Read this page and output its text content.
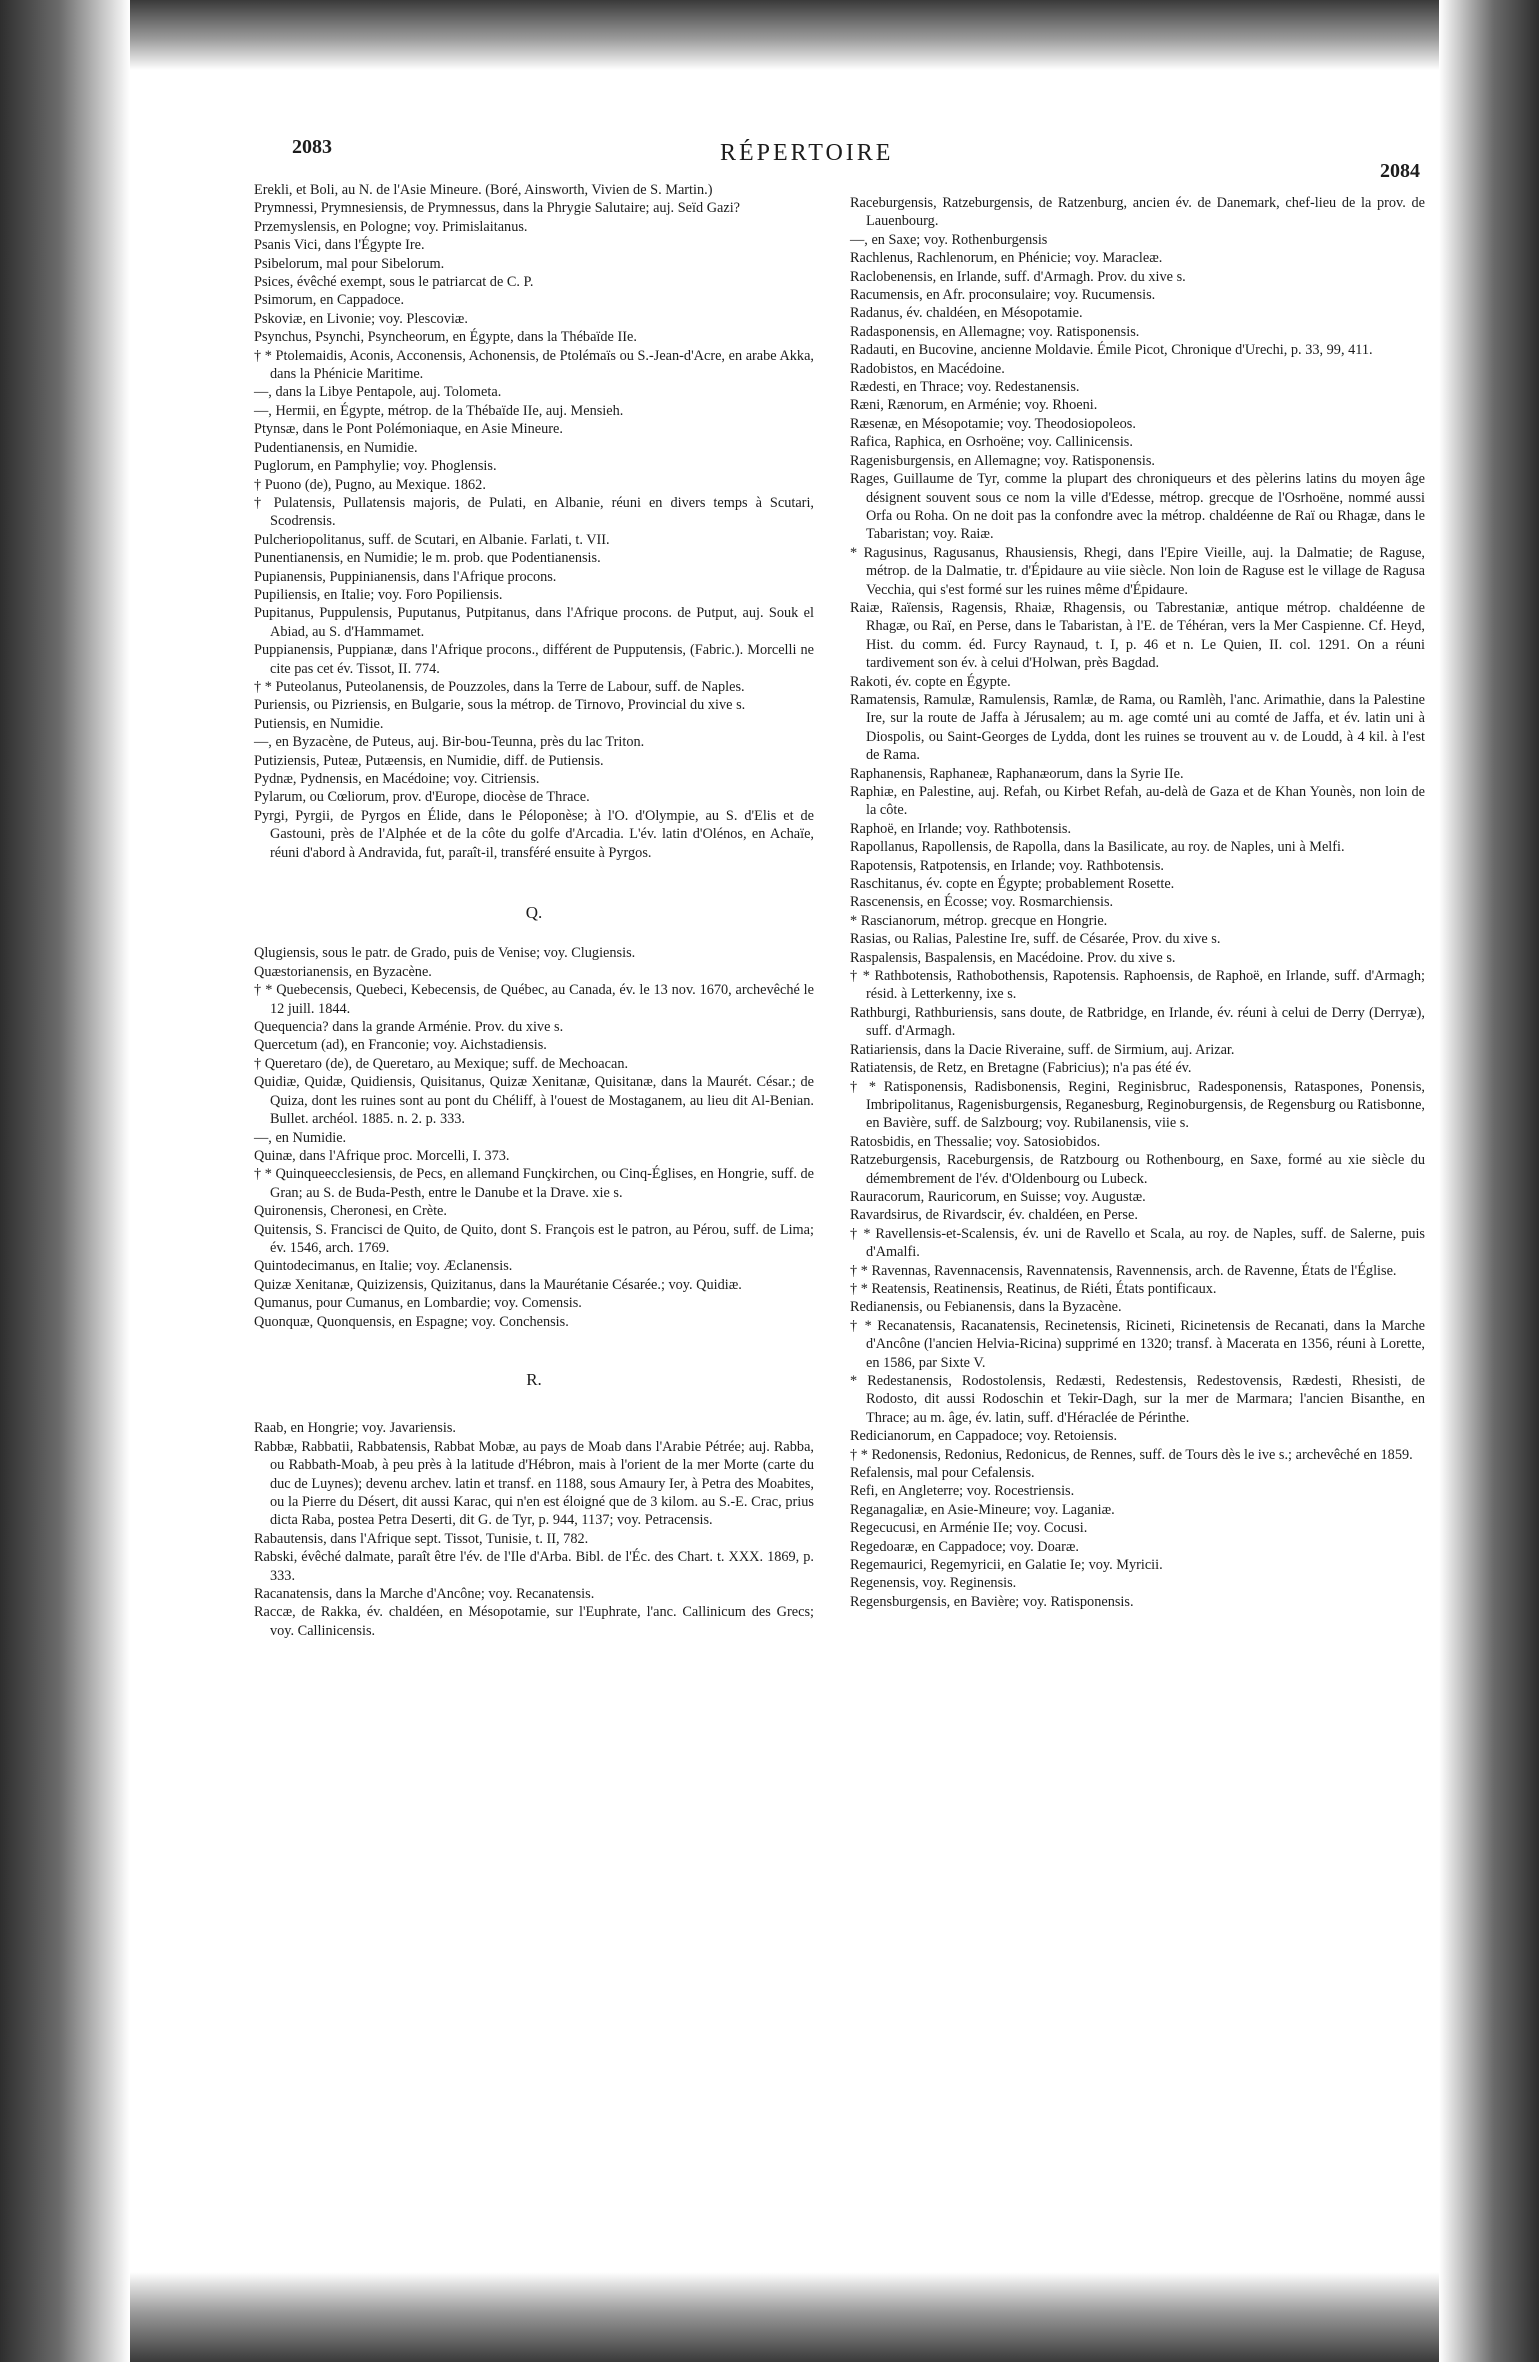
2083	RÉPERTOIRE
2084

Erekli, et Boli, au N. de l'Asie Mineure. (Boré, Ainsworth, Vivien de S. Martin.)

Prymnessi, Prymnesiensis, de Prymnessus, dans la Phrygie Salutaire; auj. Seïd Gazi?

Przemyslensis, en Pologne; voy. Primislaitanus.

Psanis Vici, dans l'Égypte Ire.

Psibelorum, mal pour Sibelorum.

Psices, évêché exempt, sous le patriarcat de C. P.

Psimorum, en Cappadoce.

Pskoviæ, en Livonie; voy. Plescoviæ.

Psynchus, Psynchi, Psyncheorum, en Égypte, dans la Thébaïde IIe.

† * Ptolemaidis, Aconis, Acconensis, Achonensis, de Ptolémaïs ou S.-Jean-d'Acre, en arabe Akka, dans la Phénicie Maritime.

—, dans la Libye Pentapole, auj. Tolometa.

—, Hermii, en Égypte, métrop. de la Thébaïde IIe, auj. Mensieh.

Ptynsæ, dans le Pont Polémoniaque, en Asie Mineure.

Pudentianensis, en Numidie.

Puglorum, en Pamphylie; voy. Phoglensis.

† Puono (de), Pugno, au Mexique. 1862.

† Pulatensis, Pullatensis majoris, de Pulati, en Albanie, réuni en divers temps à Scutari, Scodrensis.

Pulcheriopolitanus, suff. de Scutari, en Albanie. Farlati, t. VII.

Punentianensis, en Numidie; le m. prob. que Podentianensis.

Pupianensis, Puppinianensis, dans l'Afrique procons.

Pupiliensis, en Italie; voy. Foro Popiliensis.

Pupitanus, Puppulensis, Puputanus, Putpitanus, dans l'Afrique procons. de Putput, auj. Souk el Abiad, au S. d'Hammamet.

Puppianensis, Puppianæ, dans l'Afrique procons., différent de Pupputensis, (Fabric.). Morcelli ne cite pas cet év. Tissot, II. 774.

† * Puteolanus, Puteolanensis, de Pouzzoles, dans la Terre de Labour, suff. de Naples.

Puriensis, ou Pizriensis, en Bulgarie, sous la métrop. de Tirnovo, Provincial du xive s.

Putiensis, en Numidie.

—, en Byzacène, de Puteus, auj. Bir-bou-Teunna, près du lac Triton.

Putiziensis, Puteæ, Putæensis, en Numidie, diff. de Putiensis.

Pydnæ, Pydnensis, en Macédoine; voy. Citriensis.

Pylarum, ou Cœliorum, prov. d'Europe, diocèse de Thrace.

Pyrgi, Pyrgii, de Pyrgos en Élide, dans le Péloponèse; à l'O. d'Olympie, au S. d'Elis et de Gastouni, près de l'Alphée et de la côte du golfe d'Arcadia. L'év. latin d'Olénos, en Achaïe, réuni d'abord à Andravida, fut, paraît-il, transféré ensuite à Pyrgos.

Q.

Qlugiensis, sous le patr. de Grado, puis de Venise; voy. Clugiensis.

Quæstorianensis, en Byzacène.

† * Quebecensis, Quebeci, Kebecensis, de Québec, au Canada, év. le 13 nov. 1670, archevêché le 12 juill. 1844.

Quequencia? dans la grande Arménie. Prov. du xive s.

Quercetum (ad), en Franconie; voy. Aichstadiensis.

† Queretaro (de), de Queretaro, au Mexique; suff. de Mechoacan.

Quidiæ, Quidæ, Quidiensis, Quisitanus, Quizæ Xenitanæ, Quisitanæ, dans la Maurét. César.; de Quiza, dont les ruines sont au pont du Chéliff, à l'ouest de Mostaganem, au lieu dit Al-Benian. Bullet. archéol. 1885. n. 2. p. 333.

—, en Numidie.

Quinæ, dans l'Afrique proc. Morcelli, I. 373.

† * Quinqueecclesiensis, de Pecs, en allemand Funçkirchen, ou Cinq-Églises, en Hongrie, suff. de Gran; au S. de Buda-Pesth, entre le Danube et la Drave. xie s.

Quironensis, Cheronesi, en Crète.

Quitensis, S. Francisci de Quito, de Quito, dont S. François est le patron, au Pérou, suff. de Lima; év. 1546, arch. 1769.

Quintodecimanus, en Italie; voy. Æclanensis.

Quizæ Xenitanæ, Quizizensis, Quizitanus, dans la Maurétanie Césarée.; voy. Quidiæ.

Qumanus, pour Cumanus, en Lombardie; voy. Comensis.

Quonquæ, Quonquensis, en Espagne; voy. Conchensis.

R.

Raab, en Hongrie; voy. Javariensis.

Rabbæ, Rabbatii, Rabbatensis, Rabbat Mobæ, au pays de Moab dans l'Arabie Pétrée; auj. Rabba, ou Rabbath-Moab, à peu près à la latitude d'Hébron, mais à l'orient de la mer Morte (carte du duc de Luynes); devenu archev. latin et transf. en 1188, sous Amaury Ier, à Petra des Moabites, ou la Pierre du Désert, dit aussi Karac, qui n'en est éloigné que de 3 kilom. au S.-E. Crac, prius dicta Raba, postea Petra Deserti, dit G. de Tyr, p. 944, 1137; voy. Petracensis.

Rabautensis, dans l'Afrique sept. Tissot, Tunisie, t. II, 782.

Rabski, évêché dalmate, paraît être l'év. de l'Ile d'Arba. Bibl. de l'Éc. des Chart. t. XXX. 1869, p. 333.

Racanatensis, dans la Marche d'Ancône; voy. Recanatensis.

Raccæ, de Rakka, év. chaldéen, en Mésopotamie, sur l'Euphrate, l'anc. Callinicum des Grecs; voy. Callinicensis.

Raceburgensis, Ratzeburgensis, de Ratzenburg, ancien év. de Danemark, chef-lieu de la prov. de Lauenbourg.

—, en Saxe; voy. Rothenburgensis

Rachlenus, Rachlenorum, en Phénicie; voy. Maracleæ.

Raclobenensis, en Irlande, suff. d'Armagh. Prov. du xive s.

Racumensis, en Afr. proconsulaire; voy. Rucumensis.

Radanus, év. chaldéen, en Mésopotamie.

Radasponensis, en Allemagne; voy. Ratisponensis.

Radauti, en Bucovine, ancienne Moldavie. Émile Picot, Chronique d'Urechi, p. 33, 99, 411.

Radobistos, en Macédoine.

Rædesti, en Thrace; voy. Redestanensis.

Ræni, Rænorum, en Arménie; voy. Rhoeni.

Ræsenæ, en Mésopotamie; voy. Theodosiopoleos.

Rafica, Raphica, en Osrhoëne; voy. Callinicensis.

Ragenisburgensis, en Allemagne; voy. Ratisponensis.

Rages, Guillaume de Tyr, comme la plupart des chroniqueurs et des pèlerins latins du moyen âge désignent souvent sous ce nom la ville d'Edesse, métrop. grecque de l'Osrhoëne, nommé aussi Orfa ou Roha. On ne doit pas la confondre avec la métrop. chaldéenne de Raï ou Rhagæ, dans le Tabaristan; voy. Raiæ.

* Ragusinus, Ragusanus, Rhausiensis, Rhegi, dans l'Epire Vieille, auj. la Dalmatie; de Raguse, métrop. de la Dalmatie, tr. d'Épidaure au viie siècle. Non loin de Raguse est le village de Ragusa Vecchia, qui s'est formé sur les ruines même d'Épidaure.

Raiæ, Raïensis, Ragensis, Rhaiæ, Rhagensis, ou Tabrestaniæ, antique métrop. chaldéenne de Rhagæ, ou Raï, en Perse, dans le Tabaristan, à l'E. de Téhéran, vers la Mer Caspienne. Cf. Heyd, Hist. du comm. éd. Furcy Raynaud, t. I, p. 46 et n. Le Quien, II. col. 1291. On a réuni tardivement son év. à celui d'Holwan, près Bagdad.

Rakoti, év. copte en Égypte.

Ramatensis, Ramulæ, Ramulensis, Ramlæ, de Rama, ou Ramlèh, l'anc. Arimathie, dans la Palestine Ire, sur la route de Jaffa à Jérusalem; au m. age comté uni au comté de Jaffa, et év. latin uni à Diospolis, ou Saint-Georges de Lydda, dont les ruines se trouvent au v. de Loudd, à 4 kil. à l'est de Rama.

Raphanensis, Raphaneæ, Raphanæorum, dans la Syrie IIe.

Raphiæ, en Palestine, auj. Refah, ou Kirbet Refah, au-delà de Gaza et de Khan Younès, non loin de la côte.

Raphoë, en Irlande; voy. Rathbotensis.

Rapollanus, Rapollensis, de Rapolla, dans la Basilicate, au roy. de Naples, uni à Melfi.

Rapotensis, Ratpotensis, en Irlande; voy. Rathbotensis.

Raschitanus, év. copte en Égypte; probablement Rosette.

Rascenensis, en Écosse; voy. Rosmarchiensis.

* Rascianorum, métrop. grecque en Hongrie.

Rasias, ou Ralias, Palestine Ire, suff. de Césarée, Prov. du xive s.

Raspalensis, Baspalensis, en Macédoine. Prov. du xive s.

† * Rathbotensis, Rathobothensis, Rapotensis. Raphoensis, de Raphoë, en Irlande, suff. d'Armagh; résid. à Letterkenny, ixe s.

Rathburgi, Rathburiensis, sans doute, de Ratbridge, en Irlande, év. réuni à celui de Derry (Derryæ), suff. d'Armagh.

Ratiariensis, dans la Dacie Riveraine, suff. de Sirmium, auj. Arizar.

Ratiatensis, de Retz, en Bretagne (Fabricius); n'a pas été év.

† * Ratisponensis, Radisbonensis, Regini, Reginisbruc, Radesponensis, Rataspones, Ponensis, Imbripolitanus, Ragenisburgensis, Reganesburg, Reginoburgensis, de Regensburg ou Ratisbonne, en Bavière, suff. de Salzbourg; voy. Rubilanensis, viie s.

Ratosbidis, en Thessalie; voy. Satosiobidos.

Ratzeburgensis, Raceburgensis, de Ratzbourg ou Rothenbourg, en Saxe, formé au xie siècle du démembrement de l'év. d'Oldenbourg ou Lubeck.

Rauracorum, Rauricorum, en Suisse; voy. Augustæ.

Ravardsirus, de Rivardscir, év. chaldéen, en Perse.

† * Ravellensis-et-Scalensis, év. uni de Ravello et Scala, au roy. de Naples, suff. de Salerne, puis d'Amalfi.

† * Ravennas, Ravennacensis, Ravennatensis, Ravennensis, arch. de Ravenne, États de l'Église.

† * Reatensis, Reatinensis, Reatinus, de Riéti, États pontificaux.

Redianensis, ou Febianensis, dans la Byzacène.

† * Recanatensis, Racanatensis, Recinetensis, Ricineti, Ricinetensis de Recanati, dans la Marche d'Ancône (l'ancien Helvia-Ricina) supprimé en 1320; transf. à Macerata en 1356, réuni à Lorette, en 1586, par Sixte V.

* Redestanensis, Rodostolensis, Redæsti, Redestensis, Redestovensis, Rædesti, Rhesisti, de Rodosto, dit aussi Rodoschin et Tekir-Dagh, sur la mer de Marmara; l'ancien Bisanthe, en Thrace; au m. âge, év. latin, suff. d'Héraclée de Périnthe.

Redicianorum, en Cappadoce; voy. Retoiensis.

† * Redonensis, Redonius, Redonicus, de Rennes, suff. de Tours dès le ive s.; archevêché en 1859.

Refalensis, mal pour Cefalensis.

Refi, en Angleterre; voy. Rocestriensis.

Reganagaliæ, en Asie-Mineure; voy. Laganiæ.

Regecucusi, en Arménie IIe; voy. Cocusi.

Regedoaræ, en Cappadoce; voy. Doaræ.

Regemaurici, Regemyricii, en Galatie Ie; voy. Myricii.

Regenensis, voy. Reginensis.

Regensburgensis, en Bavière; voy. Ratisponensis.
